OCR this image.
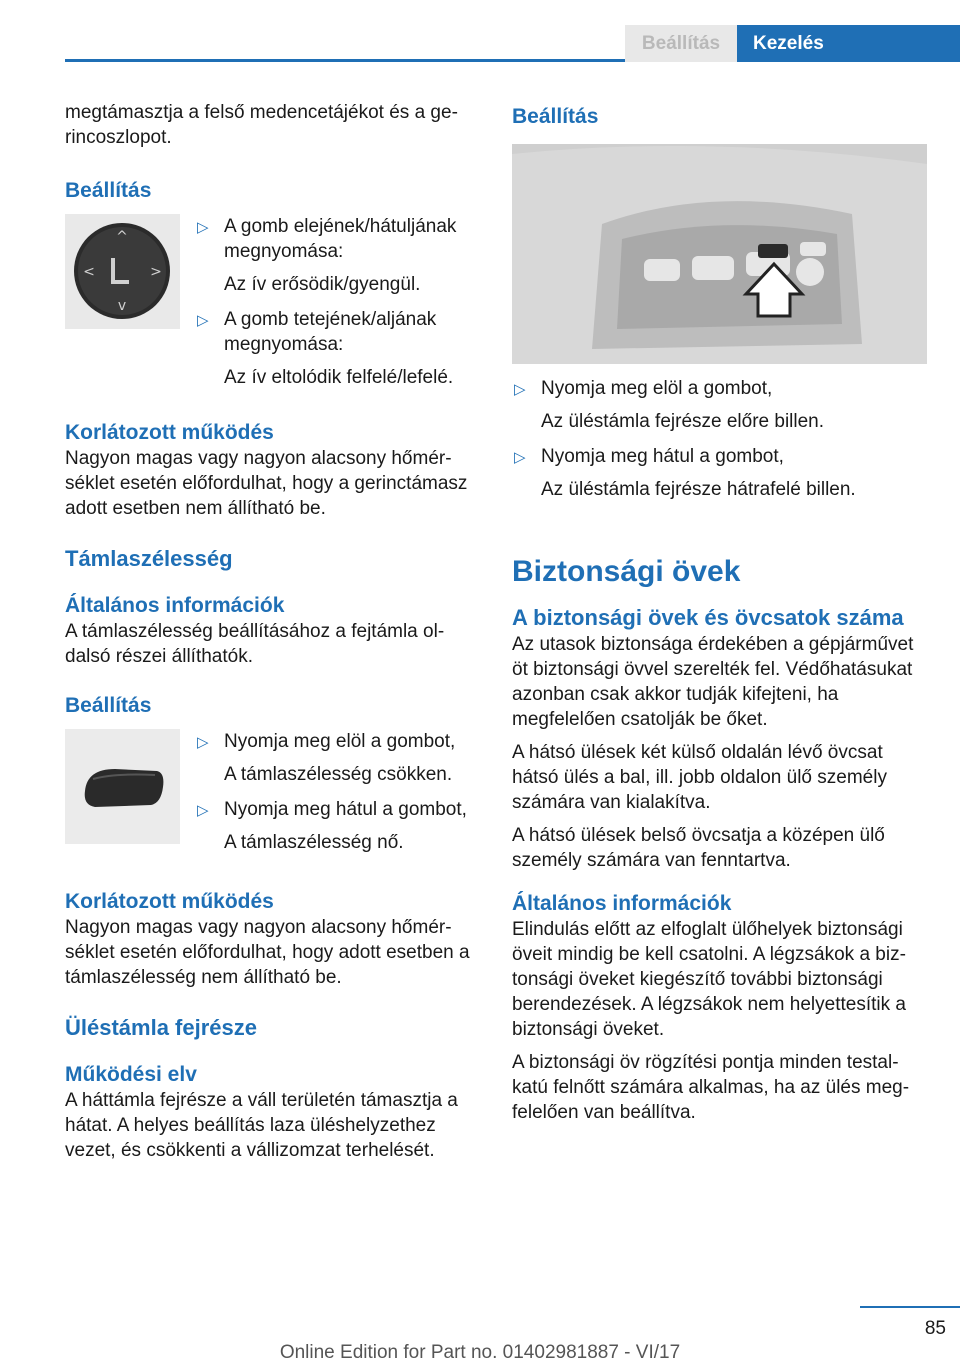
Beállítás	Kezelés

megtámasztja a felső medencetájékot és a gerincoszlopot.

Beállítás
^
v
<	>
▷ A gomb elejének/hátuljának megnyomása:
Az ív erősödik/gyengül.
▷ A gomb tetejének/aljának megnyomása:
Az ív eltolódik felfelé/lefelé.
Korlátozott működés

Nagyon magas vagy nagyon alacsony hőmérséklet esetén előfordulhat, hogy a gerinctámasz adott esetben nem állítható be.

Támlaszélesség
Általános információk

A támlaszélesség beállításához a fejtámla oldalsó részei állíthatók.

Beállítás
▷ Nyomja meg elöl a gombot,
A támlaszélesség csökken.
▷ Nyomja meg hátul a gombot,
A támlaszélesség nő.
Korlátozott működés

Nagyon magas vagy nagyon alacsony hőmérséklet esetén előfordulhat, hogy adott esetben a támlaszélesség nem állítható be.

Üléstámla fejrésze
Működési elv

A háttámla fejrésze a váll területén támasztja a hátat. A helyes beállítás laza üléshelyzethez vezet, és csökkenti a vállizomzat terhelését.

Beállítás
▷ Nyomja meg elöl a gombot,
Az üléstámla fejrésze előre billen.
▷ Nyomja meg hátul a gombot,
Az üléstámla fejrésze hátrafelé billen.
Biztonsági övek
A biztonsági övek és övcsatok száma

Az utasok biztonsága érdekében a gépjárművet öt biztonsági övvel szerelték fel. Védőhatásukat azonban csak akkor tudják kifejteni, ha megfelelően csatolják be őket.

A hátsó ülések két külső oldalán lévő övcsat hátsó ülés a bal, ill. jobb oldalon ülő személy számára van kialakítva.

A hátsó ülések belső övcsatja a középen ülő személy számára van fenntartva.

Általános információk

Elindulás előtt az elfoglalt ülőhelyek biztonsági öveit mindig be kell csatolni. A légzsákok a biztonsági öveket kiegészítő további biztonsági berendezések. A légzsákok nem helyettesítik a biztonsági öveket.

A biztonsági öv rögzítési pontja minden testalkatú felnőtt számára alkalmas, ha az ülés megfelelően van beállítva.

85
Online Edition for Part no. 01402981887 - VI/17
